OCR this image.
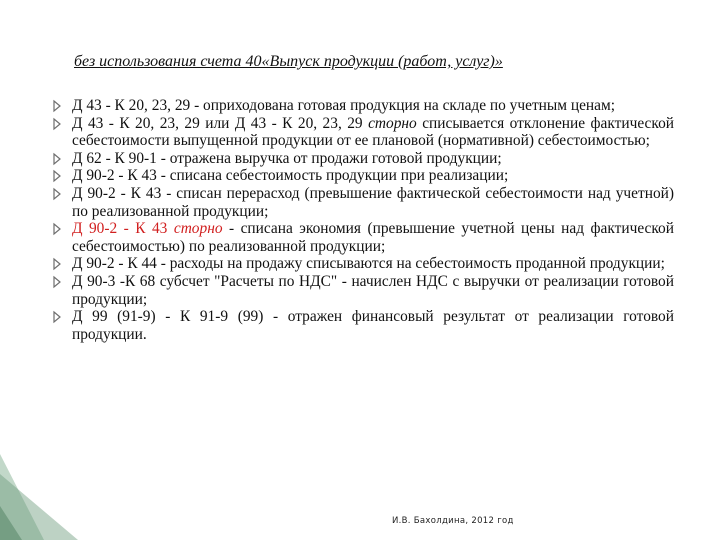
без использования счета 40«Выпуск продукции (работ, услуг)»
Д 43 - К 20, 23, 29 - оприходована готовая продукция на складе по учетным ценам;
Д 43 - К 20, 23, 29 или Д 43 - К 20, 23, 29 сторно списывается отклонение фактической себестоимости выпущенной продукции от ее плановой (нормативной) себестоимостью;
Д 62 - К 90-1 - отражена выручка от продажи готовой продукции;
Д 90-2 - К 43 - списана себестоимость продукции при реализации;
Д 90-2 - К 43 - списан перерасход (превышение фактической себестоимости над учетной) по реализованной продукции;
Д 90-2 - К 43 сторно - списана экономия (превышение учетной цены над фактической себестоимостью) по реализованной продукции;
Д 90-2 - К 44 - расходы на продажу списываются на себестоимость проданной продукции;
Д 90-3 -К 68 субсчет "Расчеты по НДС" - начислен НДС с выручки от реализации готовой продукции;
Д 99 (91-9) - К 91-9 (99) - отражен финансовый результат от реализации готовой продукции.
И.В. Бахолдина, 2012 год
